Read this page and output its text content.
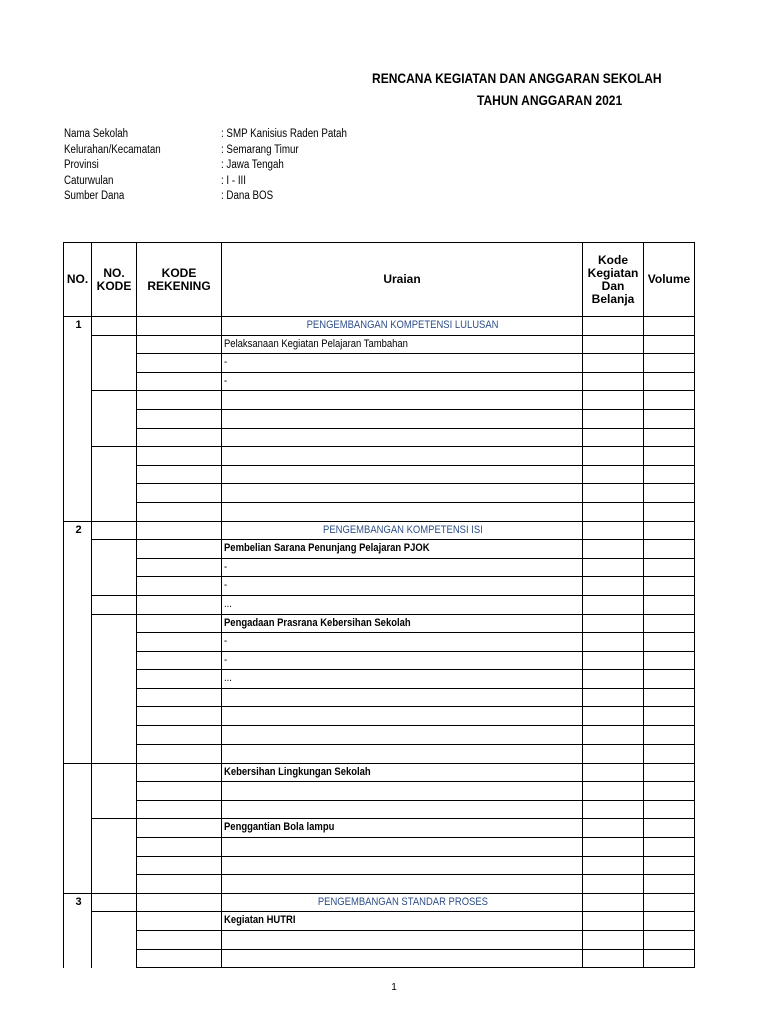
RENCANA KEGIATAN DAN ANGGARAN SEKOLAH
TAHUN ANGGARAN 2021
Nama Sekolah	: SMP Kanisius Raden Patah
Kelurahan/Kecamatan	: Semarang Timur
Provinsi	: Jawa Tengah
Caturwulan	: I - III
Sumber Dana	: Dana BOS
NO.	NO. KODE	KODE REKENING	Uraian	Kode Kegiatan Dan Belanja	Volume
1			PENGEMBANGAN KOMPETENSI LULUSAN		
			Pelaksanaan Kegiatan Pelajaran Tambahan		
			-		
			-		

2			PENGEMBANGAN KOMPETENSI ISI		
			Pembelian Sarana Penunjang Pelajaran PJOK		
			-		
			-		
			...		
			Pengadaan Prasrana Kebersihan Sekolah		
			-		
			-		
			...		

			Kebersihan Lingkungan Sekolah		

			Penggantian Bola lampu		

3			PENGEMBANGAN STANDAR PROSES		
			Kegiatan HUTRI		

1
